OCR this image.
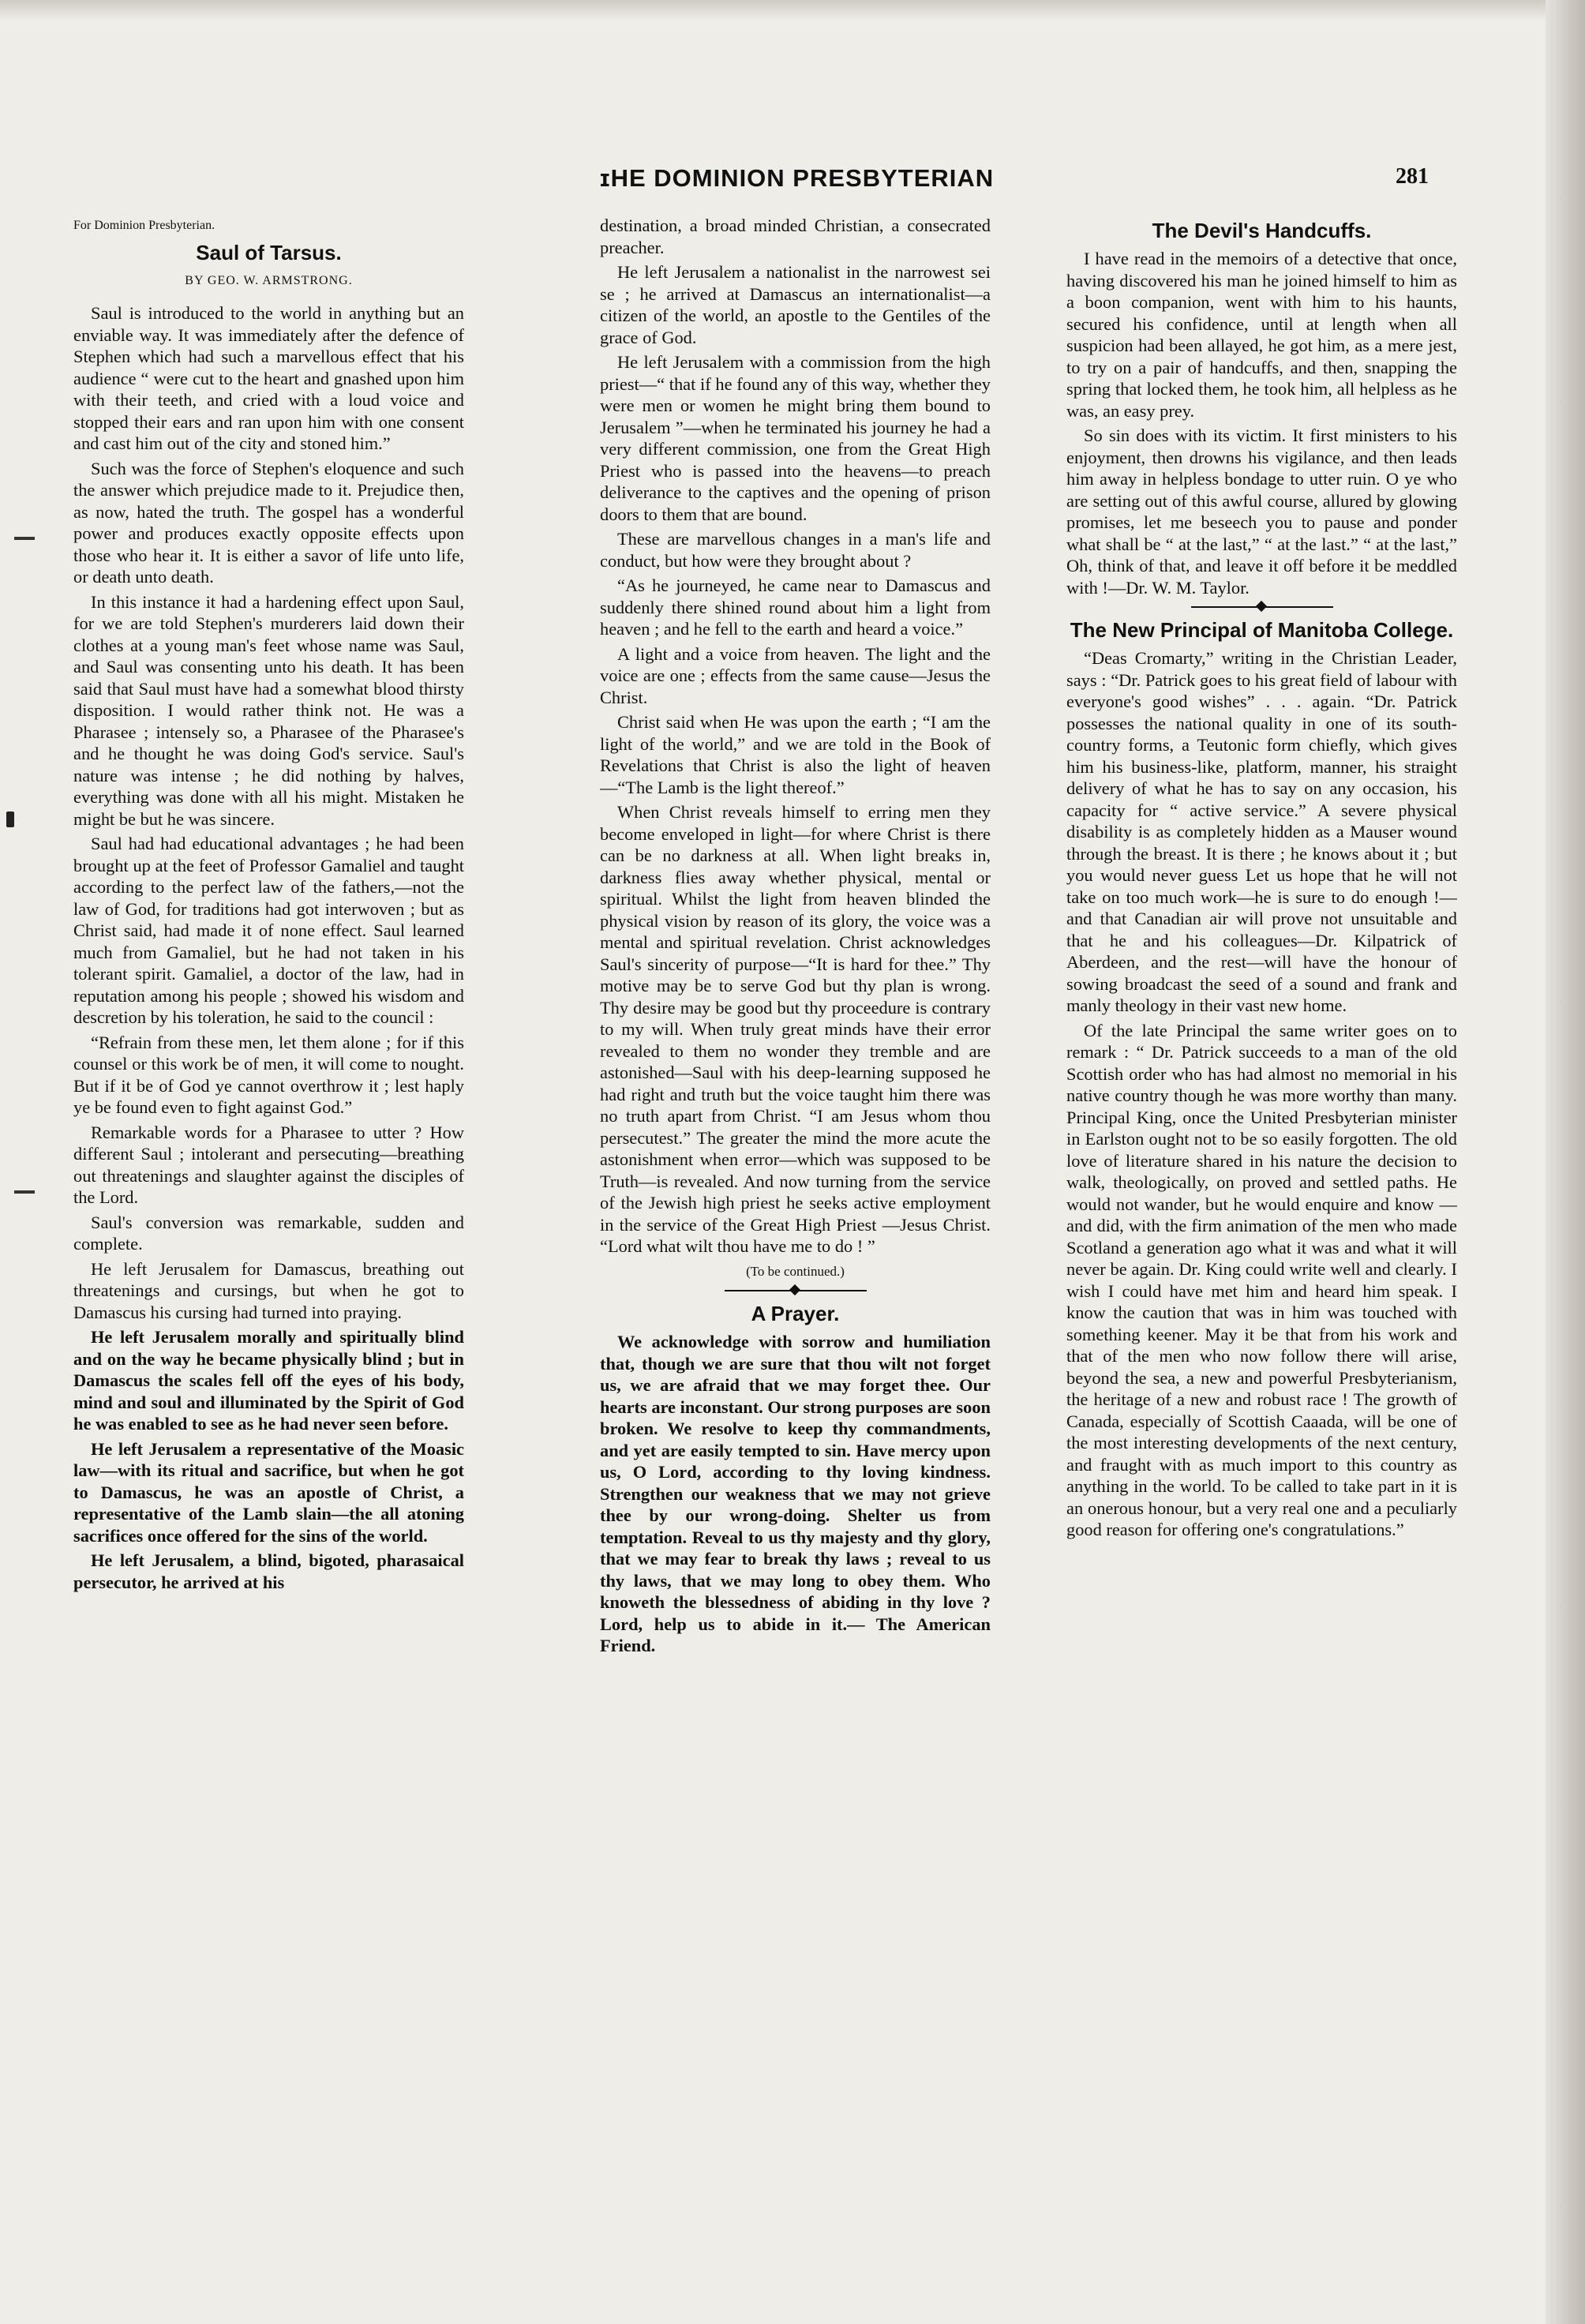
ɪHE DOMINION PRESBYTERIAN	281

For Dominion Presbyterian.

Saul of Tarsus.
BY GEO. W. ARMSTRONG.

Saul is introduced to the world in anything but an enviable way. It was immediately after the defence of Stephen which had such a marvellous effect that his audience “ were cut to the heart and gnashed upon him with their teeth, and cried with a loud voice and stopped their ears and ran upon him with one consent and cast him out of the city and stoned him.”

Such was the force of Stephen's eloquence and such the answer which prejudice made to it. Prejudice then, as now, hated the truth. The gospel has a wonderful power and produces exactly opposite effects upon those who hear it. It is either a savor of life unto life, or death unto death.

In this instance it had a hardening effect upon Saul, for we are told Stephen's murderers laid down their clothes at a young man's feet whose name was Saul, and Saul was consenting unto his death. It has been said that Saul must have had a somewhat blood thirsty disposition. I would rather think not. He was a Pharasee ; intensely so, a Pharasee of the Pharasee's and he thought he was doing God's service. Saul's nature was intense ; he did nothing by halves, everything was done with all his might. Mistaken he might be but he was sincere.

Saul had had educational advantages ; he had been brought up at the feet of Professor Gamaliel and taught according to the perfect law of the fathers,—not the law of God, for traditions had got interwoven ; but as Christ said, had made it of none effect. Saul learned much from Gamaliel, but he had not taken in his tolerant spirit. Gamaliel, a doctor of the law, had in reputation among his people ; showed his wisdom and descretion by his toleration, he said to the council :

“Refrain from these men, let them alone ; for if this counsel or this work be of men, it will come to nought. But if it be of God ye cannot overthrow it ; lest haply ye be found even to fight against God.”

Remarkable words for a Pharasee to utter ? How different Saul ; intolerant and persecuting—breathing out threatenings and slaughter against the disciples of the Lord.

Saul's conversion was remarkable, sudden and complete.

He left Jerusalem for Damascus, breathing out threatenings and cursings, but when he got to Damascus his cursing had turned into praying.

He left Jerusalem morally and spiritually blind and on the way he became physically blind ; but in Damascus the scales fell off the eyes of his body, mind and soul and illuminated by the Spirit of God he was enabled to see as he had never seen before.

He left Jerusalem a representative of the Moasic law—with its ritual and sacrifice, but when he got to Damascus, he was an apostle of Christ, a representative of the Lamb slain—the all atoning sacrifices once offered for the sins of the world.

He left Jerusalem, a blind, bigoted, pharasaical persecutor, he arrived at his

destination, a broad minded Christian, a consecrated preacher.

He left Jerusalem a nationalist in the narrowest sei se ; he arrived at Damascus an internationalist—a citizen of the world, an apostle to the Gentiles of the grace of God.

He left Jerusalem with a commission from the high priest—“ that if he found any of this way, whether they were men or women he might bring them bound to Jerusalem ”—when he terminated his journey he had a very different commission, one from the Great High Priest who is passed into the heavens—to preach deliverance to the captives and the opening of prison doors to them that are bound.

These are marvellous changes in a man's life and conduct, but how were they brought about ?

“As he journeyed, he came near to Damascus and suddenly there shined round about him a light from heaven ; and he fell to the earth and heard a voice.”

A light and a voice from heaven. The light and the voice are one ; effects from the same cause—Jesus the Christ.

Christ said when He was upon the earth ; “I am the light of the world,” and we are told in the Book of Revelations that Christ is also the light of heaven—“The Lamb is the light thereof.”

When Christ reveals himself to erring men they become enveloped in light—for where Christ is there can be no darkness at all. When light breaks in, darkness flies away whether physical, mental or spiritual. Whilst the light from heaven blinded the physical vision by reason of its glory, the voice was a mental and spiritual revelation. Christ acknowledges Saul's sincerity of purpose—“It is hard for thee.” Thy motive may be to serve God but thy plan is wrong. Thy desire may be good but thy proceedure is contrary to my will. When truly great minds have their error revealed to them no wonder they tremble and are astonished—Saul with his deep-learning supposed he had right and truth but the voice taught him there was no truth apart from Christ. “I am Jesus whom thou persecutest.” The greater the mind the more acute the astonishment when error—which was supposed to be Truth—is revealed. And now turning from the service of the Jewish high priest he seeks active employment in the service of the Great High Priest —Jesus Christ. “Lord what wilt thou have me to do ! ”

(To be continued.)
A Prayer.

We acknowledge with sorrow and humiliation that, though we are sure that thou wilt not forget us, we are afraid that we may forget thee. Our hearts are inconstant. Our strong purposes are soon broken. We resolve to keep thy commandments, and yet are easily tempted to sin. Have mercy upon us, O Lord, according to thy loving kindness. Strengthen our weakness that we may not grieve thee by our wrong-doing. Shelter us from temptation. Reveal to us thy majesty and thy glory, that we may fear to break thy laws ; reveal to us thy laws, that we may long to obey them. Who knoweth the blessedness of abiding in thy love ? Lord, help us to abide in it.— The American Friend.

The Devil's Handcuffs.

I have read in the memoirs of a detective that once, having discovered his man he joined himself to him as a boon companion, went with him to his haunts, secured his confidence, until at length when all suspicion had been allayed, he got him, as a mere jest, to try on a pair of handcuffs, and then, snapping the spring that locked them, he took him, all helpless as he was, an easy prey.

So sin does with its victim. It first ministers to his enjoyment, then drowns his vigilance, and then leads him away in helpless bondage to utter ruin. O ye who are setting out of this awful course, allured by glowing promises, let me beseech you to pause and ponder what shall be “ at the last,” “ at the last.” “ at the last,” Oh, think of that, and leave it off before it be meddled with !—Dr. W. M. Taylor.

The New Principal of Manitoba College.

“Deas Cromarty,” writing in the Christian Leader, says : “Dr. Patrick goes to his great field of labour with everyone's good wishes” . . . again. “Dr. Patrick possesses the national quality in one of its south-country forms, a Teutonic form chiefly, which gives him his business-like, platform, manner, his straight delivery of what he has to say on any occasion, his capacity for “ active service.” A severe physical disability is as completely hidden as a Mauser wound through the breast. It is there ; he knows about it ; but you would never guess Let us hope that he will not take on too much work—he is sure to do enough !—and that Canadian air will prove not unsuitable and that he and his colleagues—Dr. Kilpatrick of Aberdeen, and the rest—will have the honour of sowing broadcast the seed of a sound and frank and manly theology in their vast new home.

Of the late Principal the same writer goes on to remark : “ Dr. Patrick succeeds to a man of the old Scottish order who has had almost no memorial in his native country though he was more worthy than many. Principal King, once the United Presbyterian minister in Earlston ought not to be so easily forgotten. The old love of literature shared in his nature the decision to walk, theologically, on proved and settled paths. He would not wander, but he would enquire and know —and did, with the firm animation of the men who made Scotland a generation ago what it was and what it will never be again. Dr. King could write well and clearly. I wish I could have met him and heard him speak. I know the caution that was in him was touched with something keener. May it be that from his work and that of the men who now follow there will arise, beyond the sea, a new and powerful Presbyterianism, the heritage of a new and robust race ! The growth of Canada, especially of Scottish Caaada, will be one of the most interesting developments of the next century, and fraught with as much import to this country as anything in the world. To be called to take part in it is an onerous honour, but a very real one and a peculiarly good reason for offering one's congratulations.”
